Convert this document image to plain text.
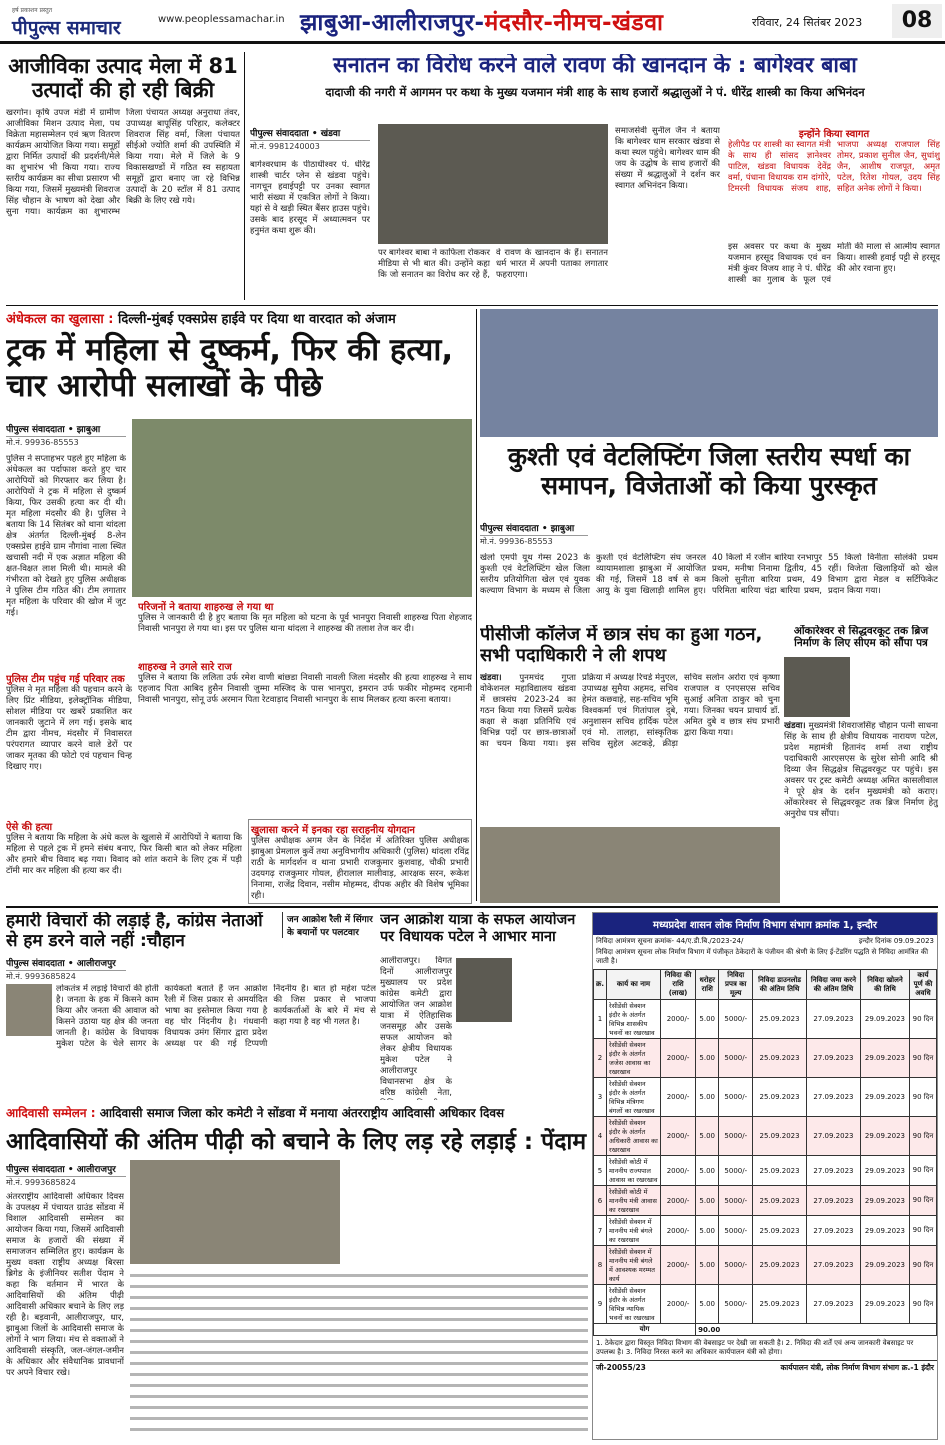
हर्ष प्रकाशन प्रस्तुत
पीपुल्स समाचार	www.peoplessamachar.in झाबुआ-आलीराजपुर-मंदसौर-नीमच-खंडवा	रविवार, 24 सितंबर 2023	08
आजीविका उत्पाद मेला में 81 उत्पादों की हो रही बिक्री
खरगोन। कृषि उपज मंडी में ग्रामीण आजीविका मिशन उत्पाद मेला, पथ विक्रेता महासम्मेलन एवं ऋण वितरण कार्यक्रम आयोजित किया गया। समूहों द्वारा निर्मित उत्पादों की प्रदर्शनी/मेले का शुभारंभ भी किया गया। राज्य स्तरीय कार्यक्रम का सीधा प्रसारण भी किया गया, जिसमें मुख्यमंत्री शिवराज सिंह चौहान के भाषण को देखा और सुना गया। कार्यक्रम का शुभारम्भ जिला पंचायत अध्यक्ष अनुराधा तंवर, उपाध्यक्ष बापूसिंह परिहार, कलेक्टर शिवराज सिंह वर्मा, जिला पंचायत सीईओ ज्योति शर्मा की उपस्थिति में किया गया। मेले में जिले के 9 विकासखण्डों में गठित स्व सहायता समूहों द्वारा बनाए जा रहे विभिन्न उत्पादों के 20 स्टॉल में 81 उत्पाद बिक्री के लिए रखे गये।
सनातन का विरोध करने वाले रावण की खानदान के : बागेश्वर बाबा
दादाजी की नगरी में आगमन पर कथा के मुख्य यजमान मंत्री शाह के साथ हजारों श्रद्धालुओं ने पं. धीरेंद्र शास्त्री का किया अभिनंदन
पीपुल्स संवाददाता • खंडवा
मो.नं. 9981240003
बागेश्वरधाम के पीठाधीश्वर पं. धीरेंद्र शास्त्री चार्टर प्लेन से खंडवा पहुंचे। नागचून हवाईपट्टी पर उनका स्वागत भारी संख्या में एकत्रित लोगों ने किया। यहां से वे खड़ी स्थित बैंसर हाउस पहुंचे। उसके बाद हरसूद में अध्यात्मवन पर हनुमंत कथा शुरू की।
पर बागेश्वर बाबा ने काफिला रोककर मीडिया से भी बात की। उन्होंने कहा कि जो सनातन का विरोध कर रहे हैं, वे रावण के खानदान के हैं। सनातन धर्म भारत में अपनी पताका लगातार फहराएगा।
समाजसेवी सुनील जैन ने बताया कि बागेश्वर धाम सरकार खंडवा से कथा स्थल पहुंचे। बागेश्वर धाम की जय के उद्घोष के साथ हजारों की संख्या में श्रद्धालुओं ने दर्शन कर स्वागत अभिनंदन किया।
इन्होंने किया स्वागत
हेलीपैड पर शास्त्री का स्वागत मंत्री के साथ ही सांसद ज्ञानेश्वर पाटिल, खंडवा विधायक देवेंद्र वर्मा, पंधाना विधायक राम दांगोरे, टिमरनी विधायक संजय शाह, भाजपा अध्यक्ष राजपाल सिंह तोमर, प्रकाश सुनील जैन, सुधांशु जैन, आशीष राजपूत, अमृत पटेल, रितेश गोयल, उदय सिंह सहित अनेक लोगों ने किया।
इस अवसर पर कथा के मुख्य यजमान हरसूद विधायक एवं वन मंत्री कुंवर विजय शाह ने पं. धीरेंद्र शास्त्री का गुलाब के फूल एवं मोती की माला से आत्मीय स्वागत किया। शास्त्री हवाई पट्टी से हरसूद की ओर रवाना हुए।
अंधेकत्ल का खुलासा : दिल्ली-मुंबई एक्सप्रेस हाईवे पर दिया था वारदात को अंजाम
ट्रक में महिला से दुष्कर्म, फिर की हत्या, चार आरोपी सलाखों के पीछे
पीपुल्स संवाददाता • झाबुआ
मो.नं. 99936-85553
पुलिस ने सप्ताहभर पहले हुए महिला के अंधेकत्ल का पर्दाफाश करते हुए चार आरोपियों को गिरफ्तार कर लिया है। आरोपियों ने ट्रक में महिला से दुष्कर्म किया, फिर उसकी हत्या कर दी थी। मृत महिला मंदसौर की है। पुलिस ने बताया कि 14 सितंबर को थाना थांदला क्षेत्र अंतर्गत दिल्ली-मुंबई 8-लेन एक्सप्रेस हाईवे ग्राम नौगांवा नाला स्थित खचासी नदी में एक अज्ञात महिला की क्षत-विक्षत लाश मिली थी। मामले की गंभीरता को देखते हुए पुलिस अधीक्षक ने पुलिस टीम गठित की। टीम लगातार मृत महिला के परिवार की खोज में जुट गई।
पुलिस टीम पहुंच गई परिवार तक
पुलिस ने मृत महिला की पहचान करने के लिए प्रिंट मीडिया, इलेक्ट्रॉनिक मीडिया, सोशल मीडिया पर खबरें प्रकाशित कर जानकारी जुटाने में लग गई। इसके बाद टीम द्वारा नीमच, मंदसौर में निवासरत परंपरागत व्यापार करने वाले डेरों पर जाकर मृतका की फोटो एवं पहचान चिन्ह दिखाए गए।
परिजनों ने बताया शाहरुख ले गया था
पुलिस ने जानकारी दी है हुए बताया कि मृत महिला को घटना के पूर्व भानपुरा निवासी शाहरुख पिता शेहजाद निवासी भानपुरा ले गया था। इस पर पुलिस थाना थांदला ने शाहरुख की तलाश तेज कर दी।
शाहरुख ने उगले सारे राज
पुलिस ने बताया कि ललिता उर्फ रमेश वाणी बांछडा निवासी नावली जिला मंदसौर की हत्या शाहरुख ने साथ एहजाद पिता आबिद हुसैन निवासी जुम्मा मस्जिद के पास भानपुरा, इमरान उर्फ फकीर मोहम्मद रहमानी निवासी भानपुरा, सोनू उर्फ अरमान पिता रेटवाड़ाद निवासी भानपुरा के साथ मिलकर हत्या करना बताया।
ऐसे की हत्या
पुलिस ने बताया कि महिला के अंधे कत्ल के खुलासे में आरोपियों ने बताया कि महिला से पहले ट्रक में हमने संबंध बनाए, फिर किसी बात को लेकर महिला और हमारे बीच विवाद बढ़ गया। विवाद को शांत कराने के लिए ट्रक में पड़ी टॉमी मार कर महिला की हत्या कर दी।
खुलासा करने में इनका रहा सराहनीय योगदान
पुलिस अधीक्षक अगम जैन के निर्देश में अतिरिक्त पुलिस अधीक्षक झाबुआ प्रेमलाल कुर्वे तथा अनुविभागीय अधिकारी (पुलिस) थांदला रविंद्र राठी के मार्गदर्शन व थाना प्रभारी राजकुमार कुशवाह, चौकी प्रभारी उदयगढ़ राजकुमार गोयल, हीरालाल मालीवाड़, आरक्षक सरन, रूकेश निनामा, राजेंद्र दिवान, नसीम मोहम्मद, दीपक अहीर की विशेष भूमिका रही।
कुश्ती एवं वेटलिफ्टिंग जिला स्तरीय स्पर्धा का समापन, विजेताओं को किया पुरस्कृत
पीपुल्स संवाददाता • झाबुआ
मो.नं. 99936-85553
खेलो एमपी यूथ गेम्स 2023 के कुश्ती एवं वेटलिफ्टिंग खेल जिला स्तरीय प्रतियोगिता खेल एवं युवक कल्याण विभाग के मध्यम से जिला कुश्ती एवं वेटलिफ्टिंग संघ जनरल व्यायामशाला झाबुआ में आयोजित की गई, जिसमें 18 वर्ष से कम आयु के युवा खिलाड़ी शामिल हुए। 40 किलो में रजीन बारिया रनभापुर प्रथम, मनीषा निनामा द्वितीय, 45 किलो सुनीता बारिया प्रथम, 49 परिमिता बारिया चंद्रा बारिया प्रथम, 55 किलो विनीता सोलंकी प्रथम रहीं। विजेता खिलाड़ियों को खेल विभाग द्वारा मेडल व सर्टिफिकेट प्रदान किया गया।
पीसीजी कॉलेज में छात्र संघ का हुआ गठन, सभी पदाधिकारी ने ली शपथ
खंडवा। पुनमचंद गुप्ता वोकेशनल महाविद्यालय खंडवा में छात्रसंघ 2023-24 का गठन किया गया जिसमें प्रत्येक कक्षा से कक्षा प्रतिनिधि एवं विभिन्न पदों पर छात्र-छात्राओं का चयन किया गया। इस प्रक्रिया में अध्यक्ष रिचर्ड मेनुएल, उपाध्यक्ष सुमैया अहमद, सचिव हेमंत कछवाहे, सह-सचिव भूमि विश्वकर्मा एवं गितांपाल दुबे, अनुशासन सचिव हार्दिक पटेल एवं मो. तालहा, सांस्कृतिक सचिव सुहेल अटकड़े, क्रीड़ा सचिव सलोन अरोरा एवं कृष्णा राजपाल व एनएसएस सचिव सुआई अनिता ठाकुर को चुना गया। जिनका चयन प्राचार्य डॉ. अमित दुबे व छात्र संघ प्रभारी द्वारा किया गया।
ओंकारेश्वर से सिद्धवरकूट तक ब्रिज निर्माण के लिए सीएम को सौंपा पत्र
खंडवा। मुख्यमंत्री शिवराजसिंह चौहान पत्नी साधना सिंह के साथ ही क्षेत्रीय विधायक नारायण पटेल, प्रदेश महामंत्री हितानंद शर्मा तथा राष्ट्रीय पदाधिकारी आरएसएस के सुरेश सोनी आदि श्री दिव्या जैन सिद्धक्षेत्र सिद्धवरकूट पर पहुंचे। इस अवसर पर ट्रस्ट कमेटी अध्यक्ष अमित कासलीवाल ने पूरे क्षेत्र के दर्शन मुख्यमंत्री को कराए। ओंकारेश्वर से सिद्धवरकूट तक ब्रिज निर्माण हेतु अनुरोध पत्र सौंपा।
हमारी विचारों की लड़ाई है, कांग्रेस नेताओं से हम डरने वाले नहीं :चौहान
जन आक्रोश रैली में सिंगार के बयानों पर पलटवार
पीपुल्स संवाददाता • आलीराजपुर
मो.नं. 9993685824
लोकतंत्र में लड़ाई विचारों की होती है। जनता के हक में किसने काम किया और जनता की आवाज को किसने उठाया यह क्षेत्र की जनता जानती है। कांग्रेस के विधायक मुकेश पटेल के चेले सागर के कार्यकर्ता बताते हैं जन आक्रोश रैली में जिस प्रकार से अमर्यादित भाषा का इस्तेमाल किया गया है वह घोर निंदनीय है। गंधवानी विधायक उमंग सिंगार द्वारा प्रदेश अध्यक्ष पर की गई टिप्पणी निंदनीय है। बात हो महेश पटेल की जिस प्रकार से भाजपा कार्यकर्ताओं के बारे में मंच से कहा गया है वह भी गलत है।
जन आक्रोश यात्रा के सफल आयोजन पर विधायक पटेल ने आभार माना
आलीराजपुर। विगत दिनों आलीराजपुर मुख्यालय पर प्रदेश कांग्रेस कमेटी द्वारा आयोजित जन आक्रोश यात्रा में ऐतिहासिक जनसमूह और उसके सफल आयोजन को लेकर क्षेत्रीय विधायक मुकेश पटेल ने आलीराजपुर विधानसभा क्षेत्र के वरिष्ठ कांग्रेसी नेता,
आदिवासी सम्मेलन : आदिवासी समाज जिला कोर कमेटी ने सोंडवा में मनाया अंतरराष्ट्रीय आदिवासी अधिकार दिवस
आदिवासियों की अंतिम पीढ़ी को बचाने के लिए लड़ रहे लड़ाई : पेंदाम
पीपुल्स संवाददाता • आलीराजपुर
मो.नं. 9993685824
अंतरराष्ट्रीय आदिवासी अधिकार दिवस के उपलक्ष्य में पंचायत ग्राउंड सोंडवा में विशाल आदिवासी सम्मेलन का आयोजन किया गया, जिसमें आदिवासी समाज के हजारों की संख्या में समाजजन सम्मिलित हुए। कार्यक्रम के मुख्य वक्ता राष्ट्रीय अध्यक्ष बिरसा ब्रिगेड के इंजीनियर सतीश पेंदाम ने कहा कि वर्तमान में भारत के आदिवासियों की अंतिम पीढ़ी आदिवासी अधिकार बचाने के लिए लड़ रही है। बड़वानी, आलीराजपुर, धार, झाबुआ जिलों के आदिवासी समाज के लोगों ने भाग लिया। मंच से वक्ताओं ने आदिवासी संस्कृति, जल-जंगल-जमीन के अधिकार और संवैधानिक प्रावधानों पर अपने विचार रखे।
मध्यप्रदेश शासन लोक निर्माण विभाग संभाग क्रमांक 1, इन्दौर
निविदा आमंत्रण सूचना क्रमांक- 44/ए.डी.बि./2023-24/	इन्दौर दिनांक 09.09.2023
निविदा आमंत्रण सूचना लोक निर्माण विभाग में पंजीकृत ठेकेदारों के पंजीयन की श्रेणी के लिए ई-टेंडरिंग पद्धति से निविदा आमंत्रित की जाती है।
क्र.	कार्य का नाम	निविदा की राशि (लाख)	धरोहर राशि	निविदा प्रपत्र का मूल्य	निविदा डाउनलोड की अंतिम तिथि	निविदा जमा करने की अंतिम तिथि	निविदा खोलने की तिथि	कार्य पूर्ण की अवधि
1	रेसीडेंसी सेक्शन इंदौर के अंतर्गत विभिन्न शासकीय भवनों का रखरखाव	2000/-	5.00	5000/-	25.09.2023	27.09.2023	29.09.2023	90 दिन
2	रेसीडेंसी सेक्शन इंदौर के अंतर्गत जजेस आवास का रखरखाव	2000/-	5.00	5000/-	25.09.2023	27.09.2023	29.09.2023	90 दिन
3	रेसीडेंसी सेक्शन इंदौर के अंतर्गत विभिन्न मंत्रिगण बंगलों का रखरखाव	2000/-	5.00	5000/-	25.09.2023	27.09.2023	29.09.2023	90 दिन
4	रेसीडेंसी सेक्शन इंदौर के अंतर्गत अधिकारी आवास का रखरखाव	2000/-	5.00	5000/-	25.09.2023	27.09.2023	29.09.2023	90 दिन
5	रेसीडेंसी कोठी में माननीय राज्यपाल आवास का रखरखाव	2000/-	5.00	5000/-	25.09.2023	27.09.2023	29.09.2023	90 दिन
6	रेसीडेंसी कोठी में माननीय मंत्री आवास का रखरखाव	2000/-	5.00	5000/-	25.09.2023	27.09.2023	29.09.2023	90 दिन
7	रेसीडेंसी सेक्शन में माननीय मंत्री बंगले का रखरखाव	2000/-	5.00	5000/-	25.09.2023	27.09.2023	29.09.2023	90 दिन
8	रेसीडेंसी सेक्शन में माननीय मंत्री बंगले में आवश्यक मरम्मत कार्य	2000/-	5.00	5000/-	25.09.2023	27.09.2023	29.09.2023	90 दिन
9	रेसीडेंसी सेक्शन इंदौर के अंतर्गत विभिन्न न्यायिक भवनों का रखरखाव	2000/-	5.00	5000/-	25.09.2023	27.09.2023	29.09.2023	90 दिन
योग			90.00					
1. ठेकेदार द्वारा विस्तृत निविदा विभाग की वेबसाइट पर देखी जा सकती है। 2. निविदा की शर्तें एवं अन्य जानकारी वेबसाइट पर उपलब्ध है। 3. निविदा निरस्त करने का अधिकार कार्यपालन यंत्री को होगा।
जी-20055/23	कार्यपालन यंत्री, लोक निर्माण विभाग संभाग क्र.-1 इंदौर
